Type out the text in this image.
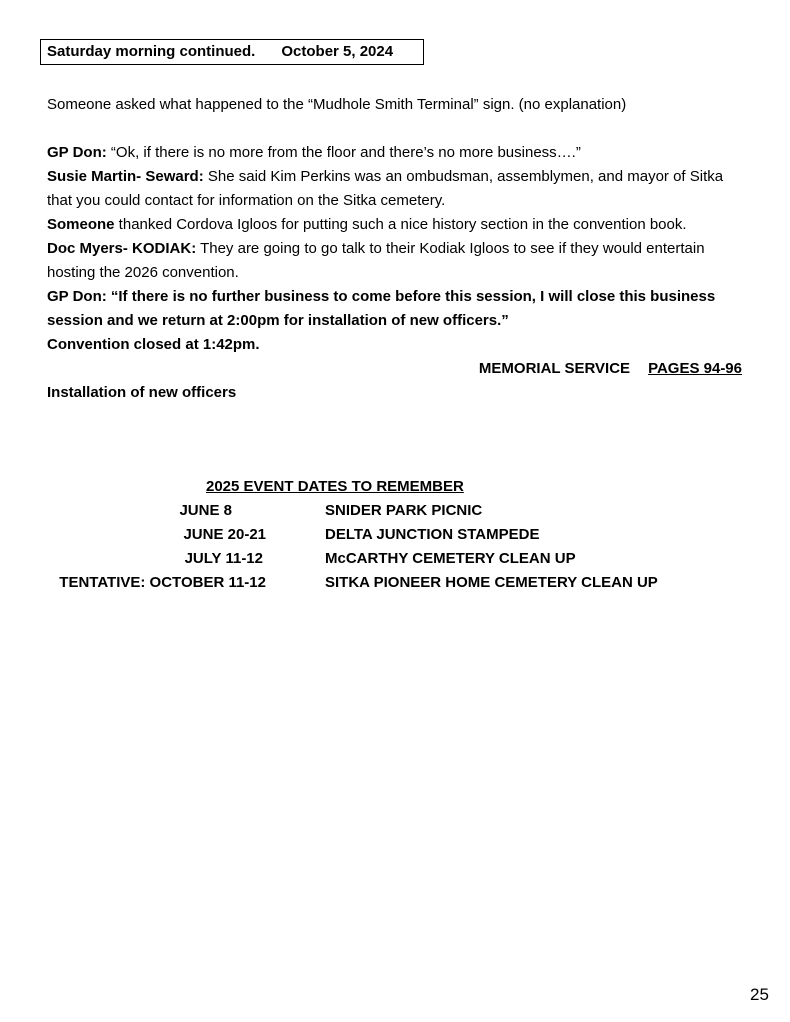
Saturday morning continued. October 5, 2024

Someone asked what happened to the “Mudhole Smith Terminal” sign. (no explanation)

GP Don: “Ok, if there is no more from the floor and there’s no more business….”

Susie Martin- Seward: She said Kim Perkins was an ombudsman, assemblymen, and mayor of Sitka that you could contact for information on the Sitka cemetery.

Someone thanked Cordova Igloos for putting such a nice history section in the convention book.

Doc Myers- KODIAK: They are going to go talk to their Kodiak Igloos to see if they would entertain hosting the 2026 convention.

GP Don: “If there is no further business to come before this session, I will close this business session and we return at 2:00pm for installation of new officers.”

Convention closed at 1:42pm.

MEMORIAL SERVICE PAGES 94-96

Installation of new officers

2025 EVENT DATES TO REMEMBER
JUNE 8	SNIDER PARK PICNIC
JUNE 20-21	DELTA JUNCTION STAMPEDE
JULY 11-12	McCARTHY CEMETERY CLEAN UP
TENTATIVE: OCTOBER 11-12	SITKA PIONEER HOME CEMETERY CLEAN UP
25
